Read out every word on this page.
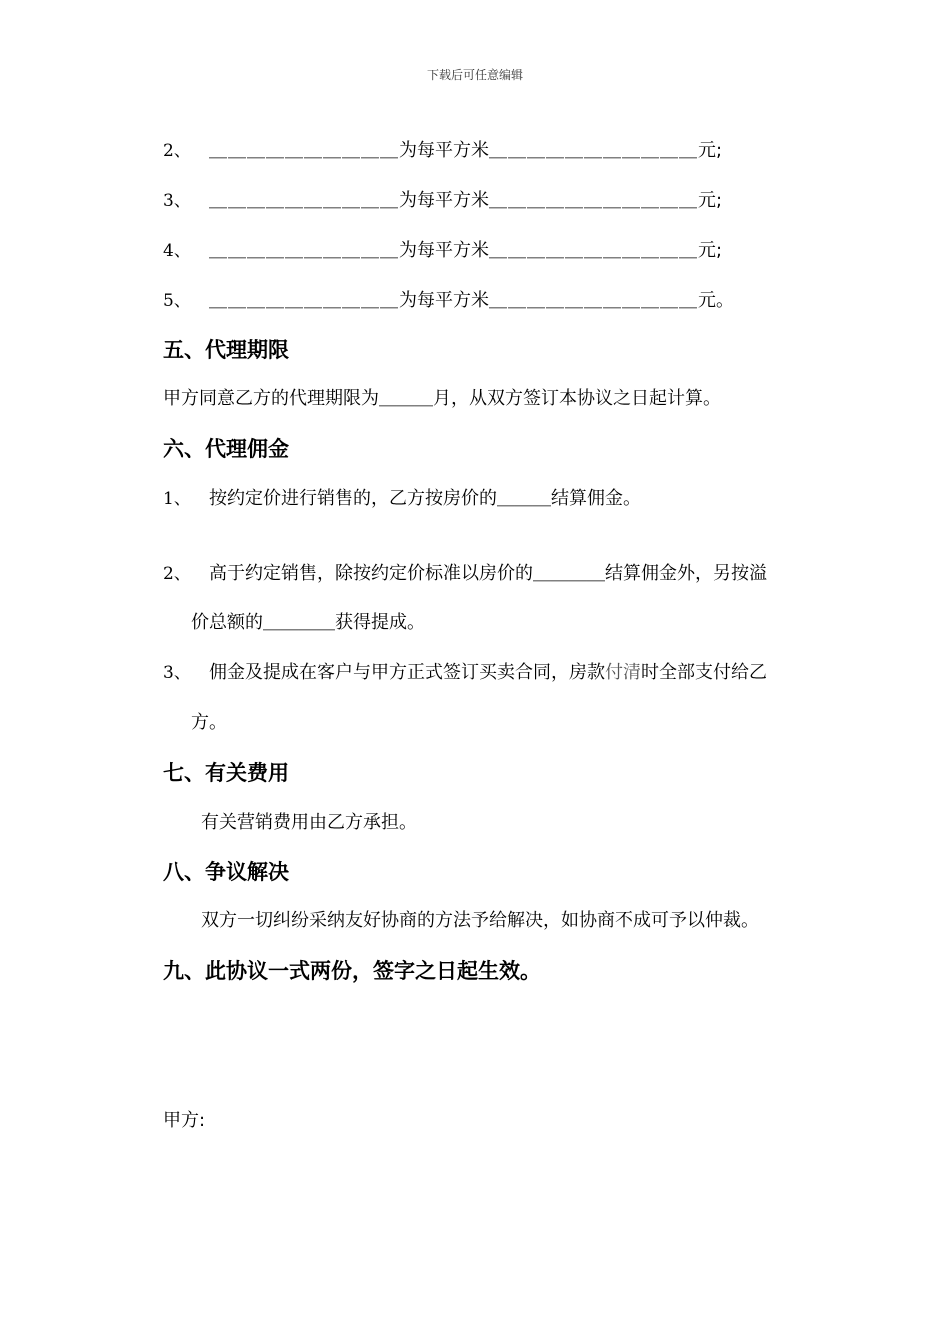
下载后可任意编辑
2、 ＿＿＿＿＿＿＿＿＿＿为每平方米＿＿＿＿＿＿＿＿＿＿＿元;
3、 ＿＿＿＿＿＿＿＿＿＿为每平方米＿＿＿＿＿＿＿＿＿＿＿元;
4、 ＿＿＿＿＿＿＿＿＿＿为每平方米＿＿＿＿＿＿＿＿＿＿＿元;
5、 ＿＿＿＿＿＿＿＿＿＿为每平方米＿＿＿＿＿＿＿＿＿＿＿元。
五、代理期限
甲方同意乙方的代理期限为＿＿＿月，从双方签订本协议之日起计算。
六、代理佣金
1、 按约定价进行销售的，乙方按房价的＿＿＿结算佣金。
2、 高于约定销售，除按约定价标准以房价的＿＿＿＿结算佣金外，另按溢
价总额的＿＿＿＿获得提成。
3、 佣金及提成在客户与甲方正式签订买卖合同，房款付清时全部支付给乙
方。
七、有关费用
有关营销费用由乙方承担。
八、争议解决
双方一切纠纷采纳友好协商的方法予给解决，如协商不成可予以仲裁。
九、此协议一式两份，签字之日起生效。
甲方:
